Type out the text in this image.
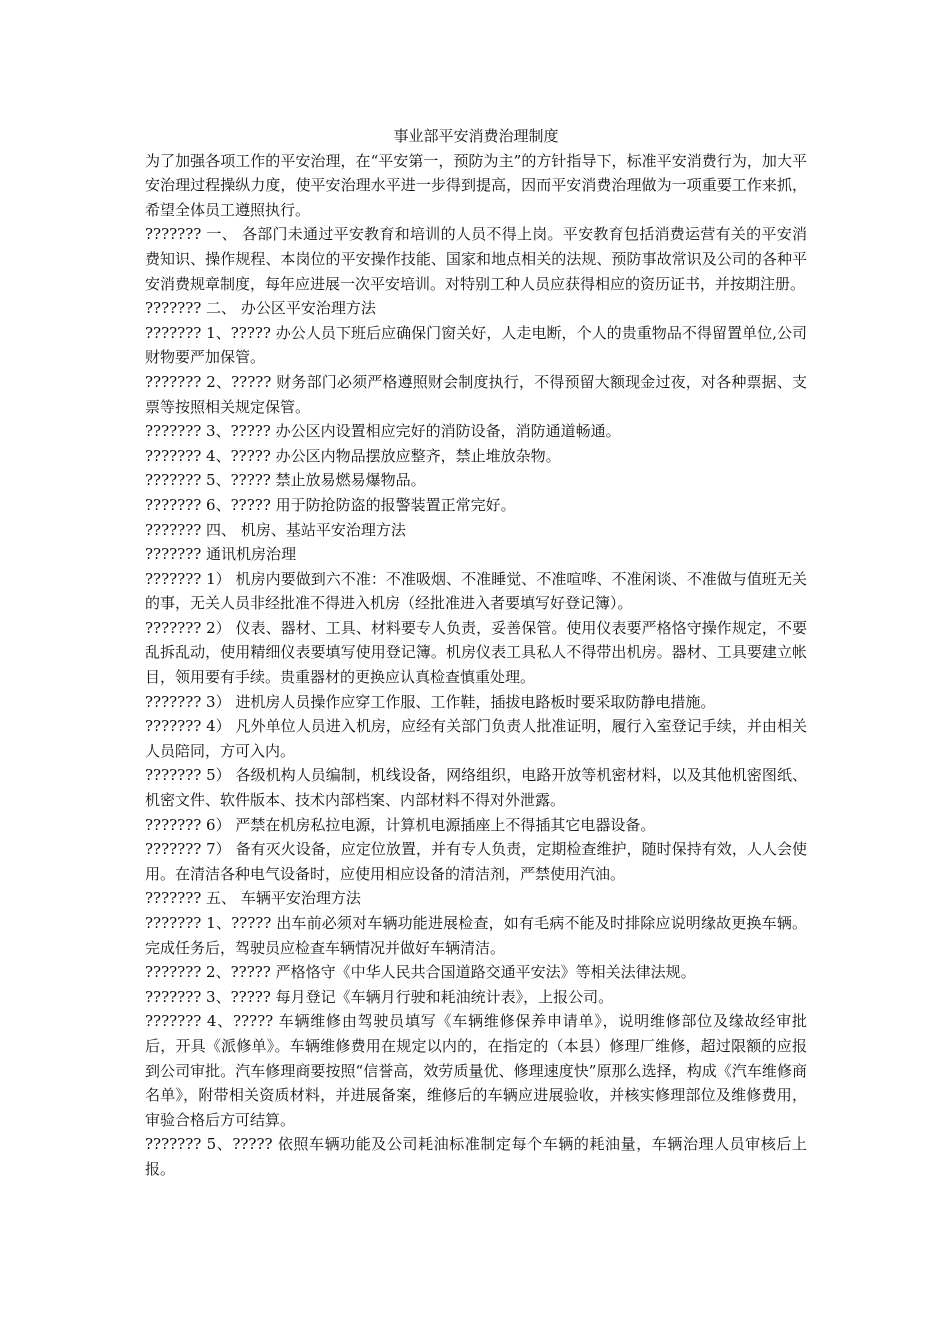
事业部平安消费治理制度

为了加强各项工作的平安治理，在“平安第一，预防为主”的方针指导下，标准平安消费行为，加大平安治理过程操纵力度，使平安治理水平进一步得到提高，因而平安消费治理做为一项重要工作来抓，希望全体员工遵照执行。

??????? 一、 各部门未通过平安教育和培训的人员不得上岗。平安教育包括消费运营有关的平安消费知识、操作规程、本岗位的平安操作技能、国家和地点相关的法规、预防事故常识及公司的各种平安消费规章制度，每年应进展一次平安培训。对特别工种人员应获得相应的资历证书，并按期注册。

??????? 二、 办公区平安治理方法

??????? 1、????? 办公人员下班后应确保门窗关好，人走电断，个人的贵重物品不得留置单位,公司财物要严加保管。

??????? 2、????? 财务部门必须严格遵照财会制度执行，不得预留大额现金过夜，对各种票据、支票等按照相关规定保管。

??????? 3、????? 办公区内设置相应完好的消防设备，消防通道畅通。

??????? 4、????? 办公区内物品摆放应整齐，禁止堆放杂物。

??????? 5、????? 禁止放易燃易爆物品。

??????? 6、????? 用于防抢防盗的报警装置正常完好。

??????? 四、 机房、基站平安治理方法

??????? 通讯机房治理

??????? 1） 机房内要做到六不准：不准吸烟、不准睡觉、不准喧哗、不准闲谈、不准做与值班无关的事，无关人员非经批准不得进入机房（经批准进入者要填写好登记簿）。

??????? 2） 仪表、器材、工具、材料要专人负责，妥善保管。使用仪表要严格恪守操作规定，不要乱拆乱动，使用精细仪表要填写使用登记簿。机房仪表工具私人不得带出机房。器材、工具要建立帐目，领用要有手续。贵重器材的更换应认真检查慎重处理。

??????? 3） 进机房人员操作应穿工作服、工作鞋，插拔电路板时要采取防静电措施。

??????? 4） 凡外单位人员进入机房，应经有关部门负责人批准证明，履行入室登记手续，并由相关人员陪同，方可入内。

??????? 5） 各级机构人员编制，机线设备，网络组织，电路开放等机密材料，以及其他机密图纸、机密文件、软件版本、技术内部档案、内部材料不得对外泄露。

??????? 6） 严禁在机房私拉电源，计算机电源插座上不得插其它电器设备。

??????? 7） 备有灭火设备，应定位放置，并有专人负责，定期检查维护，随时保持有效，人人会使用。在清洁各种电气设备时，应使用相应设备的清洁剂，严禁使用汽油。

??????? 五、 车辆平安治理方法

??????? 1、????? 出车前必须对车辆功能进展检查，如有毛病不能及时排除应说明缘故更换车辆。完成任务后，驾驶员应检查车辆情况并做好车辆清洁。

??????? 2、????? 严格恪守《中华人民共合国道路交通平安法》等相关法律法规。

??????? 3、????? 每月登记《车辆月行驶和耗油统计表》，上报公司。

??????? 4、????? 车辆维修由驾驶员填写《车辆维修保养申请单》，说明维修部位及缘故经审批后，开具《派修单》。车辆维修费用在规定以内的，在指定的（本县）修理厂维修，超过限额的应报到公司审批。汽车修理商要按照“信誉高，效劳质量优、修理速度快”原那么选择，构成《汽车维修商名单》，附带相关资质材料，并进展备案，维修后的车辆应进展验收，并核实修理部位及维修费用，审验合格后方可结算。

??????? 5、????? 依照车辆功能及公司耗油标准制定每个车辆的耗油量，车辆治理人员审核后上报。
